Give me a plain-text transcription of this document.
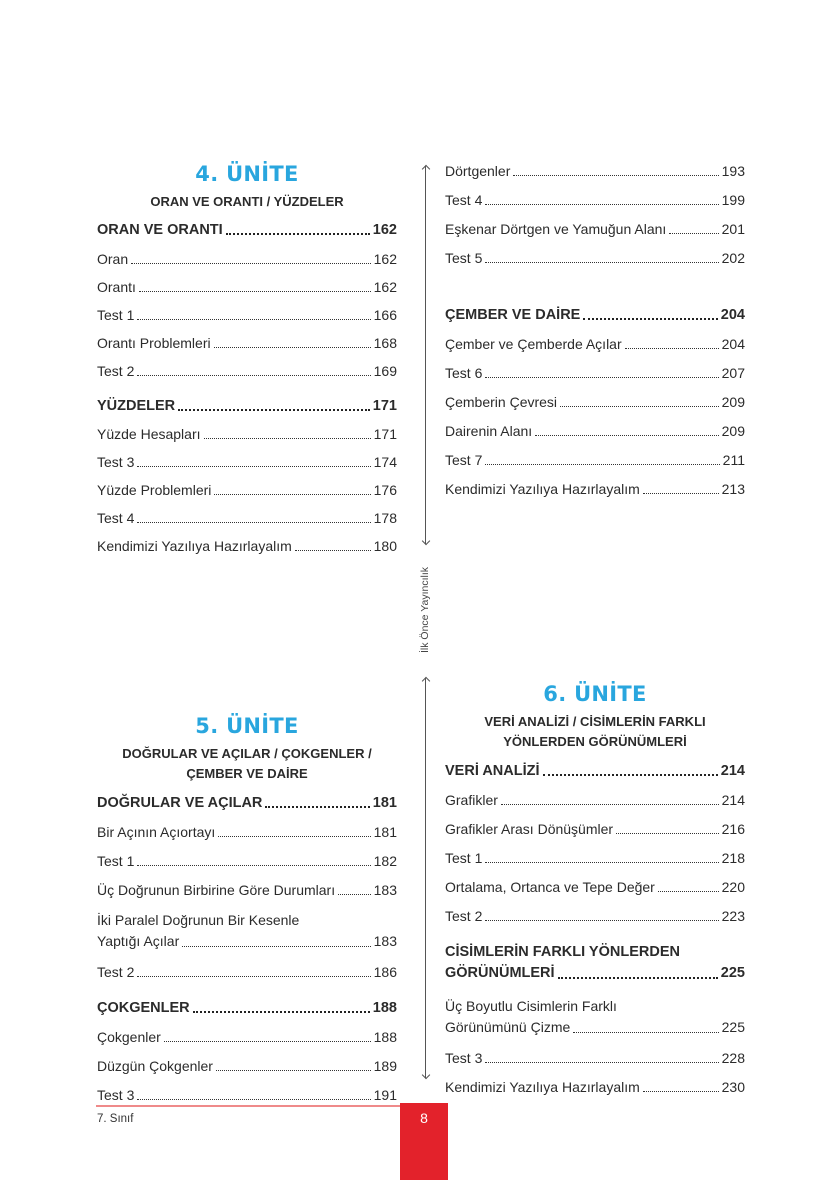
4. ÜNİTE
ORAN VE ORANTI / YÜZDELER
ORAN VE ORANTI	162
Oran	162
Orantı	162
Test 1	166
Orantı Problemleri	168
Test 2	169
YÜZDELER	171
Yüzde Hesapları	171
Test 3	174
Yüzde Problemleri	176
Test 4	178
Kendimizi Yazılıya Hazırlayalım	180
Dörtgenler	193
Test 4	199
Eşkenar Dörtgen ve Yamuğun Alanı	201
Test 5	202
ÇEMBER VE DAİRE	204
Çember ve Çemberde Açılar	204
Test 6	207
Çemberin Çevresi	209
Dairenin Alanı	209
Test 7	211
Kendimizi Yazılıya Hazırlayalım	213
5. ÜNİTE
DOĞRULAR VE AÇILAR / ÇOKGENLER /
ÇEMBER VE DAİRE
DOĞRULAR VE AÇILAR	181
Bir Açının Açıortayı	181
Test 1	182
Üç Doğrunun Birbirine Göre Durumları	183
İki Paralel Doğrunun Bir Kesenle
Yaptığı Açılar	183
Test 2	186
ÇOKGENLER	188
Çokgenler	188
Düzgün Çokgenler	189
Test 3	191
6. ÜNİTE
VERİ ANALİZİ / CİSİMLERİN FARKLI
YÖNLERDEN GÖRÜNÜMLERİ
VERİ ANALİZİ	214
Grafikler	214
Grafikler Arası Dönüşümler	216
Test 1	218
Ortalama, Ortanca ve Tepe Değer	220
Test 2	223
CİSİMLERİN FARKLI YÖNLERDEN
GÖRÜNÜMLERİ	225
Üç Boyutlu Cisimlerin Farklı
Görünümünü Çizme	225
Test 3	228
Kendimizi Yazılıya Hazırlayalım	230
İlk Önce Yayıncılık
7. Sınıf	8
